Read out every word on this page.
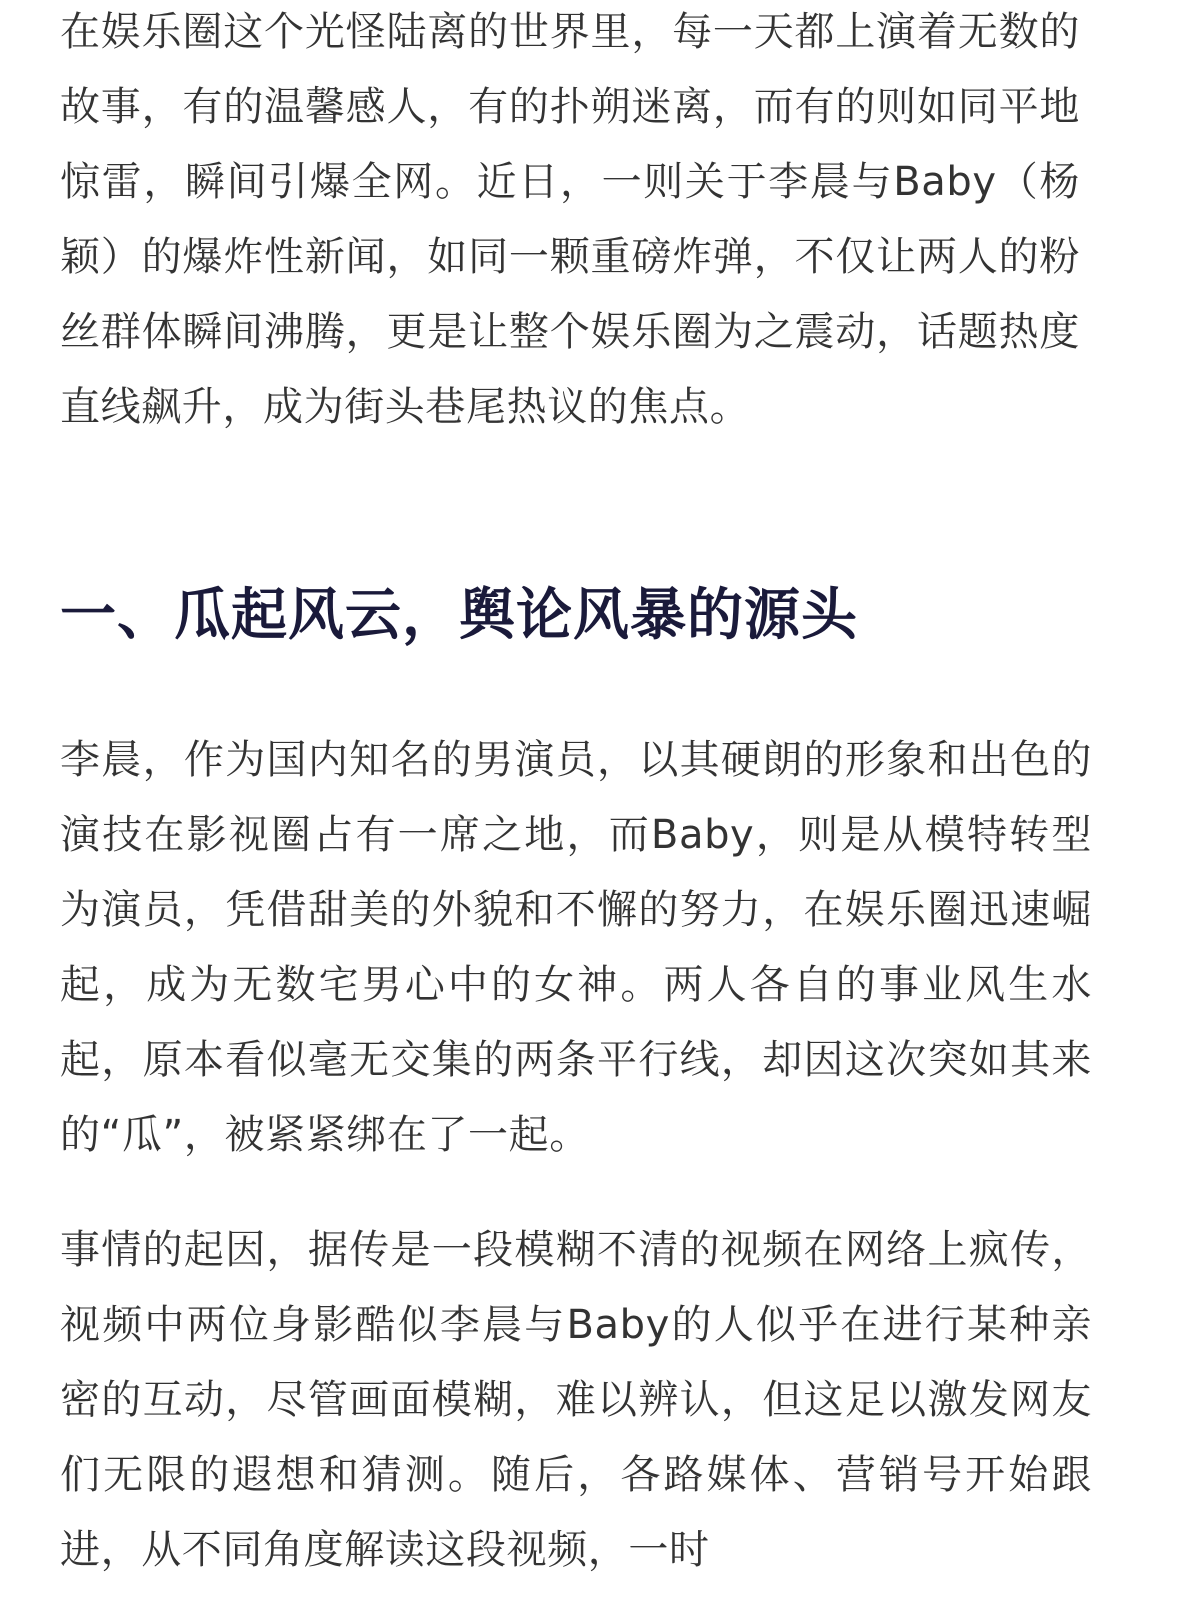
在娱乐圈这个光怪陆离的世界里，每一天都上演着无数的故事，有的温馨感人，有的扑朔迷离，而有的则如同平地惊雷，瞬间引爆全网。近日，一则关于李晨与Baby（杨颖）的爆炸性新闻，如同一颗重磅炸弹，不仅让两人的粉丝群体瞬间沸腾，更是让整个娱乐圈为之震动，话题热度直线飙升，成为街头巷尾热议的焦点。

一、瓜起风云，舆论风暴的源头

李晨，作为国内知名的男演员，以其硬朗的形象和出色的演技在影视圈占有一席之地，而Baby，则是从模特转型为演员，凭借甜美的外貌和不懈的努力，在娱乐圈迅速崛起，成为无数宅男心中的女神。两人各自的事业风生水起，原本看似毫无交集的两条平行线，却因这次突如其来的“瓜”，被紧紧绑在了一起。

事情的起因，据传是一段模糊不清的视频在网络上疯传，视频中两位身影酷似李晨与Baby的人似乎在进行某种亲密的互动，尽管画面模糊，难以辨认，但这足以激发网友们无限的遐想和猜测。随后，各路媒体、营销号开始跟进，从不同角度解读这段视频，一时
